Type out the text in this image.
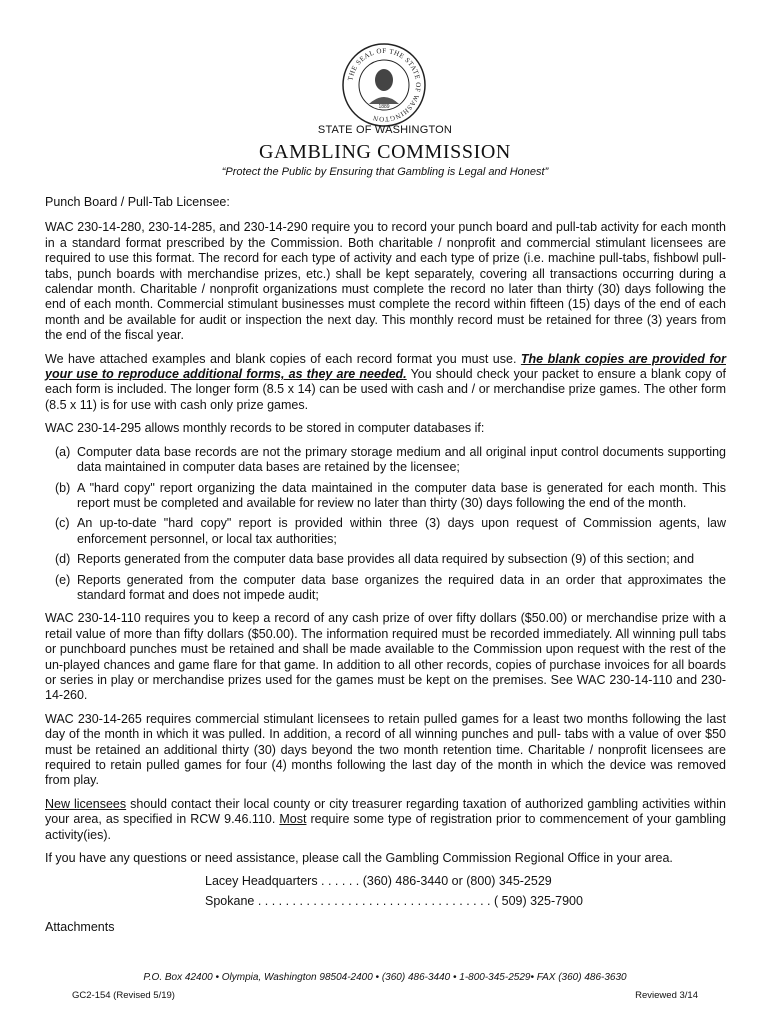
THE SEAL OF THE STATE OF WASHINGTON
1889
STATE OF WASHINGTON
GAMBLING COMMISSION
“Protect the Public by Ensuring that Gambling is Legal and Honest”

Punch Board / Pull-Tab Licensee:

WAC 230-14-280, 230-14-285, and 230-14-290 require you to record your punch board and pull-tab activity for each month in a standard format prescribed by the Commission. Both charitable / nonprofit and commercial stimulant licensees are required to use this format. The record for each type of activity and each type of prize (i.e. machine pull-tabs, fishbowl pull-tabs, punch boards with merchandise prizes, etc.) shall be kept separately, covering all transactions occurring during a calendar month. Charitable / nonprofit organizations must complete the record no later than thirty (30) days following the end of each month. Commercial stimulant businesses must complete the record within fifteen (15) days of the end of each month and be available for audit or inspection the next day. This monthly record must be retained for three (3) years from the end of the fiscal year.

We have attached examples and blank copies of each record format you must use. The blank copies are provided for your use to reproduce additional forms, as they are needed. You should check your packet to ensure a blank copy of each form is included. The longer form (8.5 x 14) can be used with cash and / or merchandise prize games. The other form (8.5 x 11) is for use with cash only prize games.

WAC 230-14-295 allows monthly records to be stored in computer databases if:

(a) Computer data base records are not the primary storage medium and all original input control documents supporting data maintained in computer data bases are retained by the licensee;
(b) A "hard copy" report organizing the data maintained in the computer data base is generated for each month. This report must be completed and available for review no later than thirty (30) days following the end of the month.
(c) An up-to-date "hard copy" report is provided within three (3) days upon request of Commission agents, law enforcement personnel, or local tax authorities;
(d) Reports generated from the computer data base provides all data required by subsection (9) of this section; and
(e) Reports generated from the computer data base organizes the required data in an order that approximates the standard format and does not impede audit;

WAC 230-14-110 requires you to keep a record of any cash prize of over fifty dollars ($50.00) or merchandise prize with a retail value of more than fifty dollars ($50.00). The information required must be recorded immediately. All winning pull tabs or punchboard punches must be retained and shall be made available to the Commission upon request with the rest of the un-played chances and game flare for that game. In addition to all other records, copies of purchase invoices for all boards or series in play or merchandise prizes used for the games must be kept on the premises. See WAC 230-14-110 and 230-14-260.

WAC 230-14-265 requires commercial stimulant licensees to retain pulled games for a least two months following the last day of the month in which it was pulled. In addition, a record of all winning punches and pull- tabs with a value of over $50 must be retained an additional thirty (30) days beyond the two month retention time. Charitable / nonprofit licensees are required to retain pulled games for four (4) months following the last day of the month in which the device was removed from play.

New licensees should contact their local county or city treasurer regarding taxation of authorized gambling activities within your area, as specified in RCW 9.46.110. Most require some type of registration prior to commencement of your gambling activity(ies).

If you have any questions or need assistance, please call the Gambling Commission Regional Office in your area.

Lacey Headquarters . . . . . . (360) 486-3440 or (800) 345-2529
Spokane . . . . . . . . . . . . . . . . . . . . . . . . . . . . . . . . . . ( 509) 325-7900
Attachments
P.O. Box 42400 • Olympia, Washington 98504-2400 • (360) 486-3440 • 1-800-345-2529• FAX (360) 486-3630
GC2-154 (Revised 5/19)	Reviewed 3/14
